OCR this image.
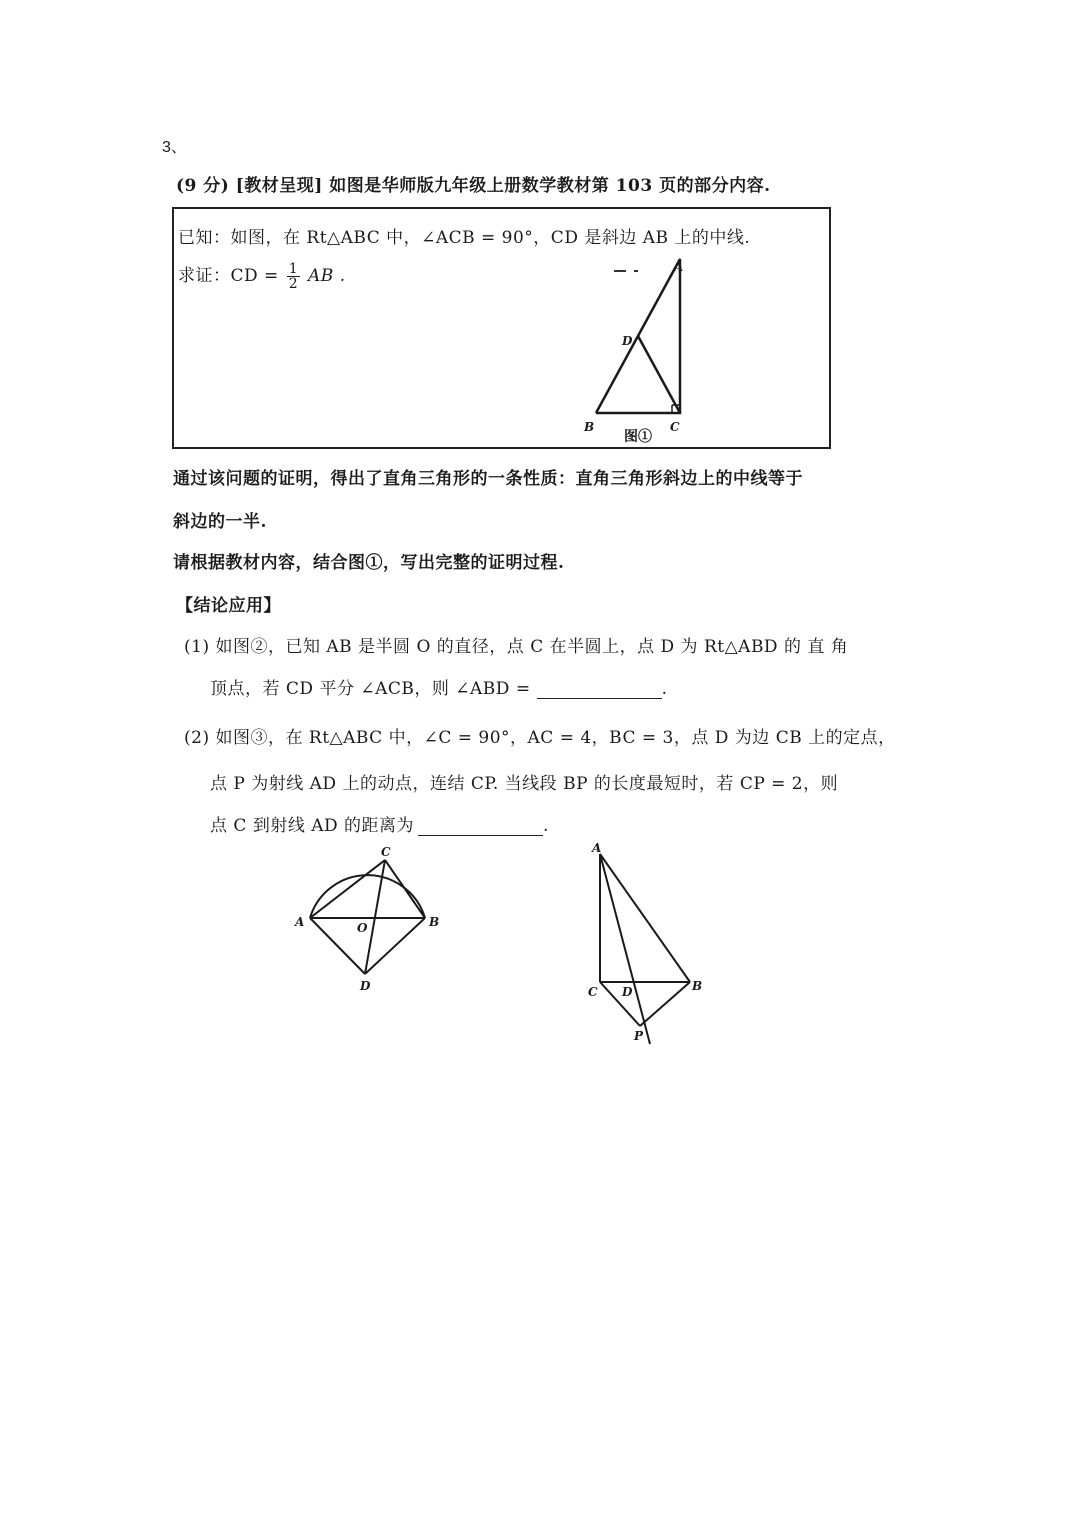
3、
(9 分) [教材呈现] 如图是华师版九年级上册数学教材第 103 页的部分内容.
已知：如图，在 Rt△ABC 中，∠ACB = 90°，CD 是斜边 AB 上的中线.
求证：CD = $\frac{1}{2}$ AB .	A
B	C
D
图①
通过该问题的证明，得出了直角三角形的一条性质：直角三角形斜边上的中线等于
斜边的一半.
请根据教材内容，结合图①，写出完整的证明过程.
【结论应用】
(1) 如图②，已知 AB 是半圆 O 的直径，点 C 在半圆上，点 D 为 Rt△ABD 的 直 角
顶点，若 CD 平分 ∠ACB，则 ∠ABD =	.
(2) 如图③，在 Rt△ABC 中，∠C = 90°，AC = 4，BC = 3，点 D 为边 CB 上的定点，
点 P 为射线 AD 上的动点，连结 CP. 当线段 BP 的长度最短时，若 CP = 2，则
点 C 到射线 AD 的距离为	.
A	B
C
D
O
A
B
C D
P
